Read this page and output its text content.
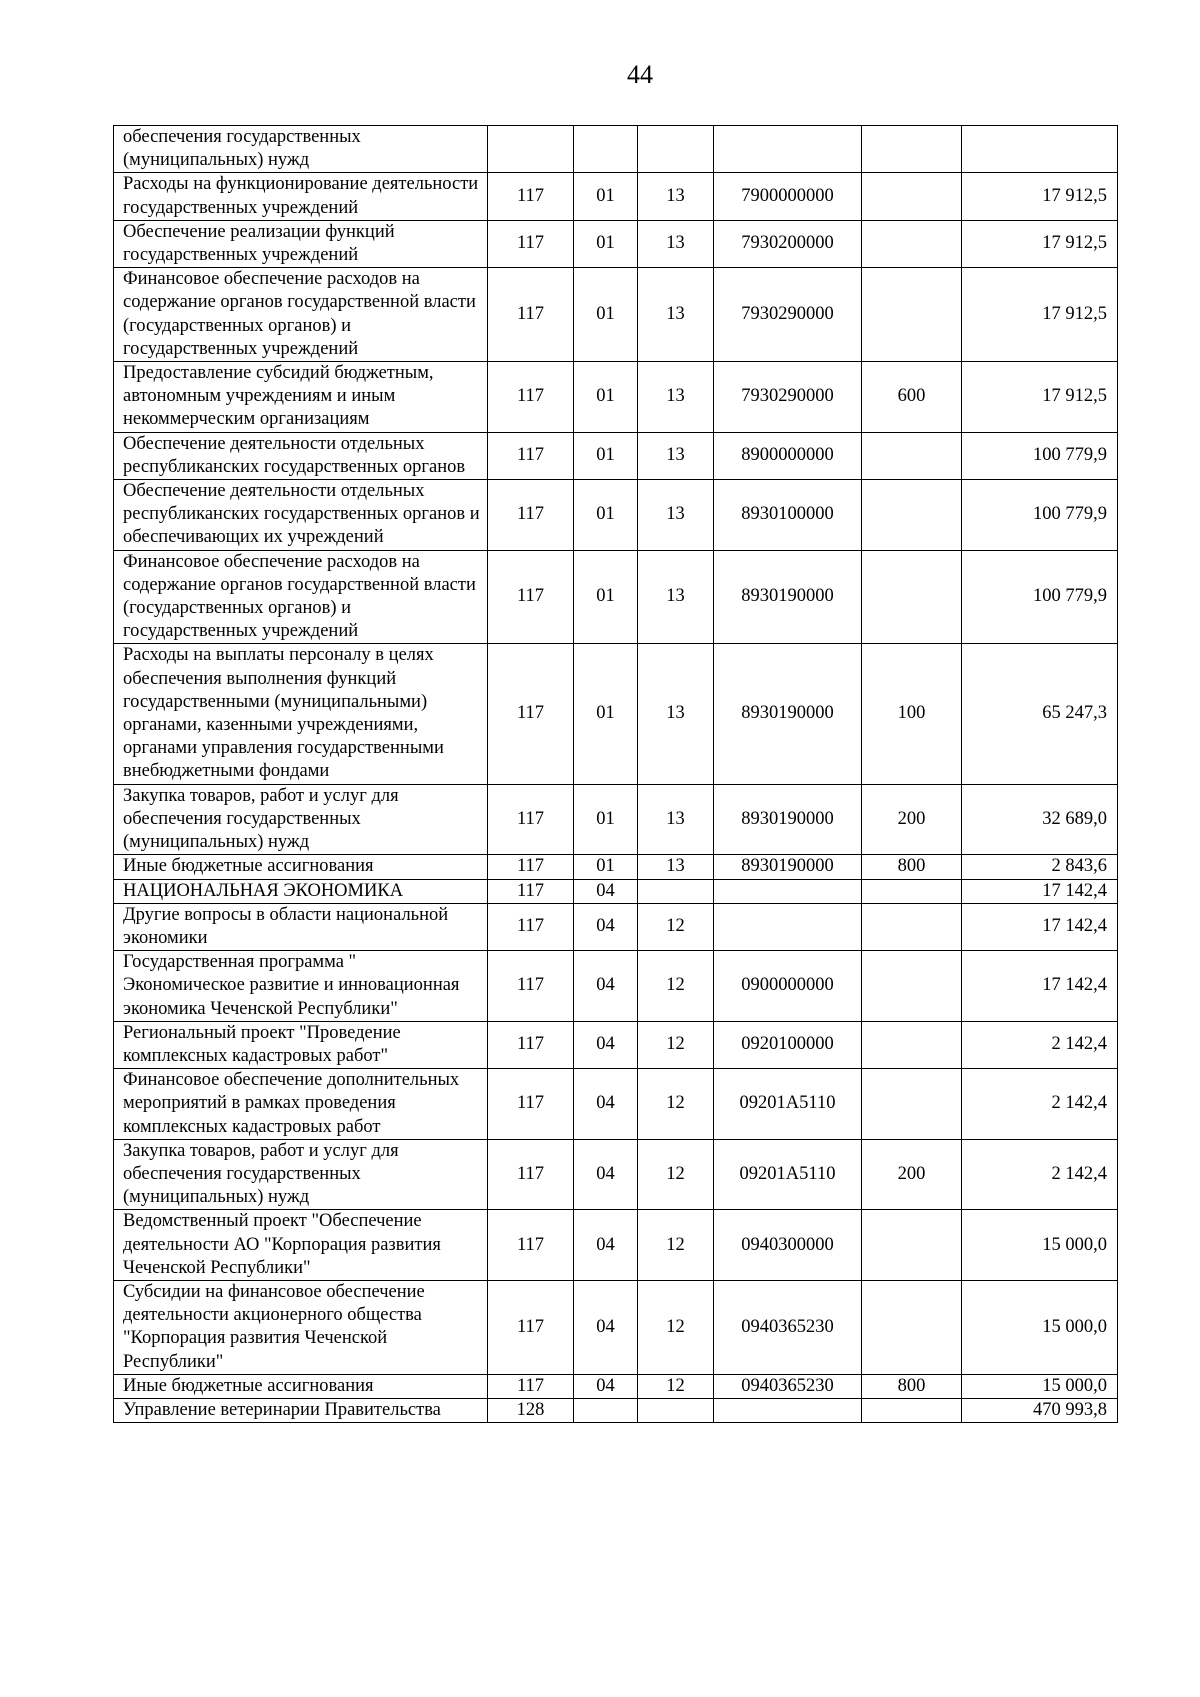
44
обеспечения государственных (муниципальных) нужд						
Расходы на функционирование деятельности государственных учреждений	117	01	13	7900000000		17 912,5
Обеспечение реализации функций государственных учреждений	117	01	13	7930200000		17 912,5
Финансовое обеспечение расходов на содержание органов государственной власти (государственных органов) и государственных учреждений	117	01	13	7930290000		17 912,5
Предоставление субсидий бюджетным, автономным учреждениям и иным некоммерческим организациям	117	01	13	7930290000	600	17 912,5
Обеспечение деятельности отдельных республиканских государственных органов	117	01	13	8900000000		100 779,9
Обеспечение деятельности отдельных республиканских государственных органов и обеспечивающих их учреждений	117	01	13	8930100000		100 779,9
Финансовое обеспечение расходов на содержание органов государственной власти (государственных органов) и государственных учреждений	117	01	13	8930190000		100 779,9
Расходы на выплаты персоналу в целях обеспечения выполнения функций государственными (муниципальными) органами, казенными учреждениями, органами управления государственными внебюджетными фондами	117	01	13	8930190000	100	65 247,3
Закупка товаров, работ и услуг для обеспечения государственных (муниципальных) нужд	117	01	13	8930190000	200	32 689,0
Иные бюджетные ассигнования	117	01	13	8930190000	800	2 843,6
НАЦИОНАЛЬНАЯ ЭКОНОМИКА	117	04				17 142,4
Другие вопросы в области национальной экономики	117	04	12			17 142,4
Государственная программа " Экономическое развитие и инновационная экономика Чеченской Республики"	117	04	12	0900000000		17 142,4
Региональный проект "Проведение комплексных кадастровых работ"	117	04	12	0920100000		2 142,4
Финансовое обеспечение дополнительных мероприятий в рамках проведения комплексных кадастровых работ	117	04	12	09201А5110		2 142,4
Закупка товаров, работ и услуг для обеспечения государственных (муниципальных) нужд	117	04	12	09201А5110	200	2 142,4
Ведомственный проект "Обеспечение деятельности АО "Корпорация развития Чеченской Республики"	117	04	12	0940300000		15 000,0
Субсидии на финансовое обеспечение деятельности акционерного общества "Корпорация развития Чеченской Республики"	117	04	12	0940365230		15 000,0
Иные бюджетные ассигнования	117	04	12	0940365230	800	15 000,0
Управление ветеринарии Правительства	128					470 993,8
